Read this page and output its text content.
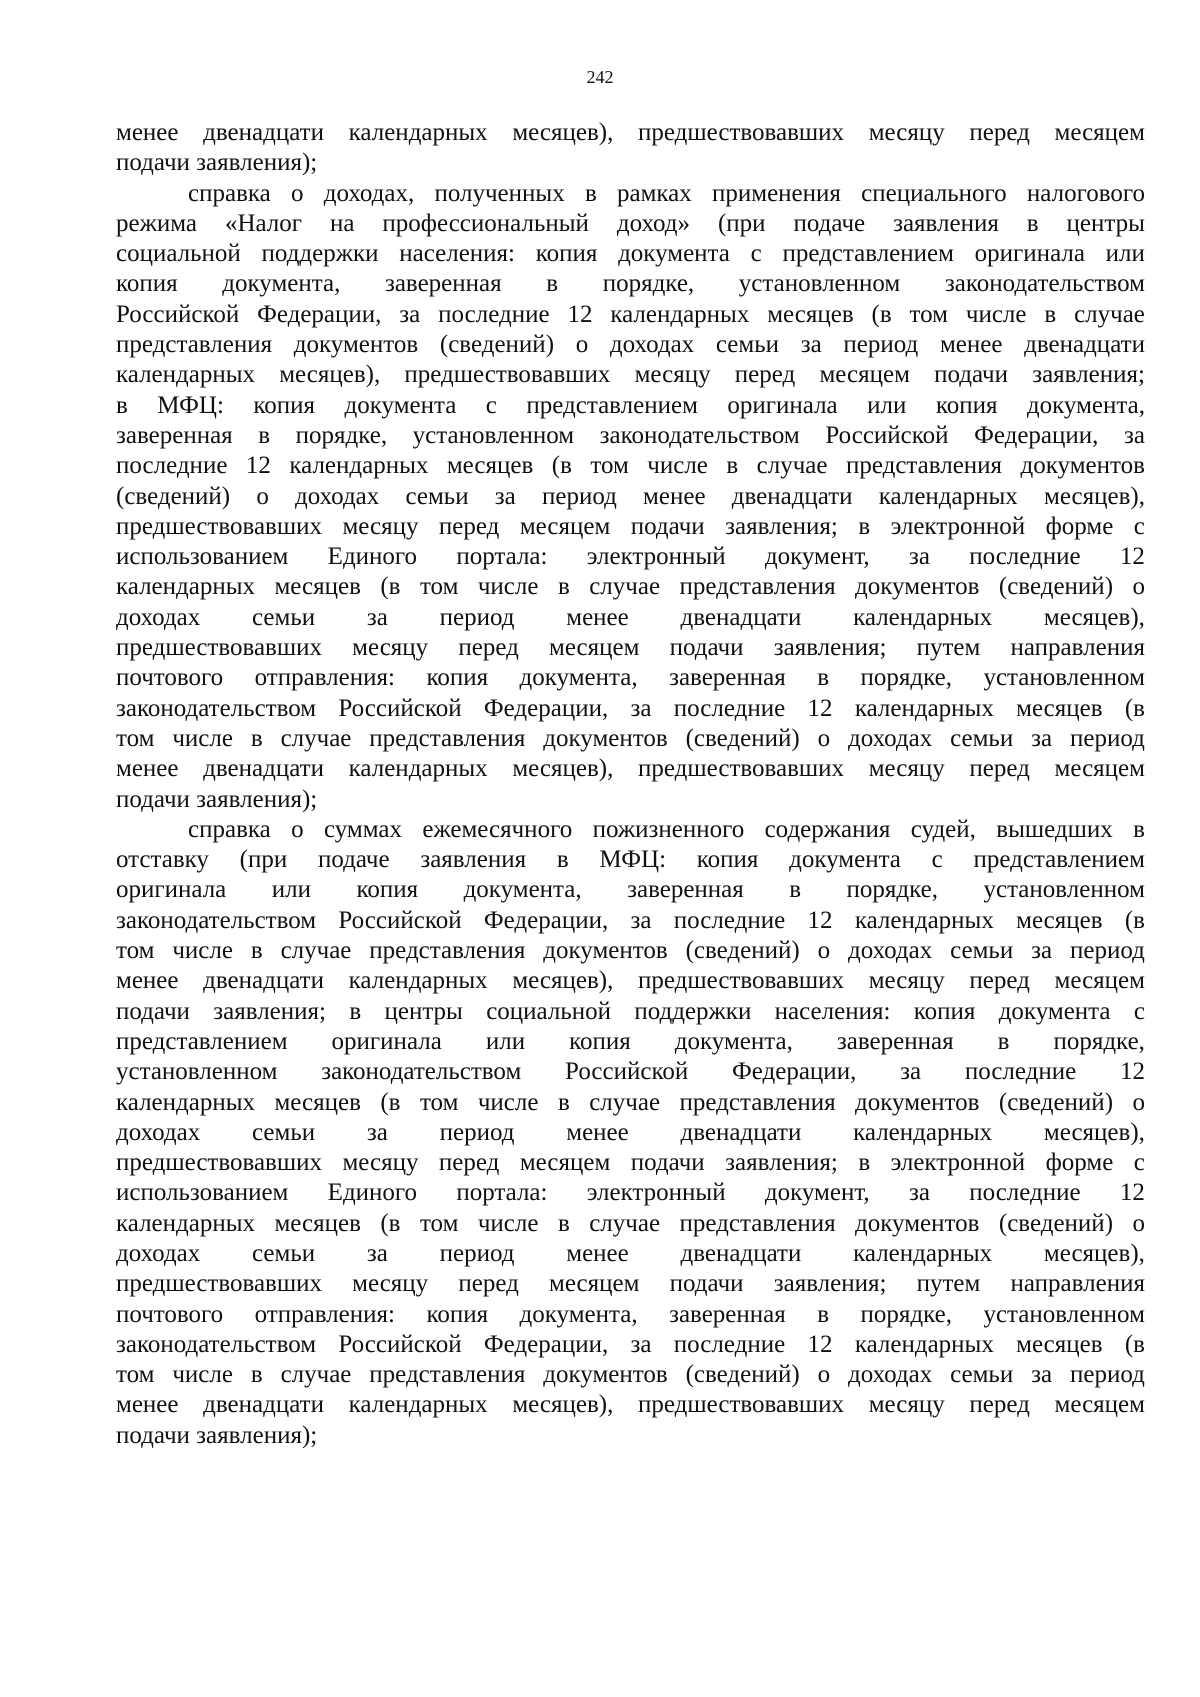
242
менее двенадцати календарных месяцев), предшествовавших месяцу перед месяцем
подачи заявления);
справка о доходах, полученных в рамках применения специального налогового
режима «Налог на профессиональный доход» (при подаче заявления в центры
социальной поддержки населения: копия документа с представлением оригинала или
копия документа, заверенная в порядке, установленном законодательством
Российской Федерации, за последние 12 календарных месяцев (в том числе в случае
представления документов (сведений) о доходах семьи за период менее двенадцати
календарных месяцев), предшествовавших месяцу перед месяцем подачи заявления;
в МФЦ: копия документа с представлением оригинала или копия документа,
заверенная в порядке, установленном законодательством Российской Федерации, за
последние 12 календарных месяцев (в том числе в случае представления документов
(сведений) о доходах семьи за период менее двенадцати календарных месяцев),
предшествовавших месяцу перед месяцем подачи заявления; в электронной форме с
использованием Единого портала: электронный документ, за последние 12
календарных месяцев (в том числе в случае представления документов (сведений) о
доходах семьи за период менее двенадцати календарных месяцев),
предшествовавших месяцу перед месяцем подачи заявления; путем направления
почтового отправления: копия документа, заверенная в порядке, установленном
законодательством Российской Федерации, за последние 12 календарных месяцев (в
том числе в случае представления документов (сведений) о доходах семьи за период
менее двенадцати календарных месяцев), предшествовавших месяцу перед месяцем
подачи заявления);
справка о суммах ежемесячного пожизненного содержания судей, вышедших в
отставку (при подаче заявления в МФЦ: копия документа с представлением
оригинала или копия документа, заверенная в порядке, установленном
законодательством Российской Федерации, за последние 12 календарных месяцев (в
том числе в случае представления документов (сведений) о доходах семьи за период
менее двенадцати календарных месяцев), предшествовавших месяцу перед месяцем
подачи заявления; в центры социальной поддержки населения: копия документа с
представлением оригинала или копия документа, заверенная в порядке,
установленном законодательством Российской Федерации, за последние 12
календарных месяцев (в том числе в случае представления документов (сведений) о
доходах семьи за период менее двенадцати календарных месяцев),
предшествовавших месяцу перед месяцем подачи заявления; в электронной форме с
использованием Единого портала: электронный документ, за последние 12
календарных месяцев (в том числе в случае представления документов (сведений) о
доходах семьи за период менее двенадцати календарных месяцев),
предшествовавших месяцу перед месяцем подачи заявления; путем направления
почтового отправления: копия документа, заверенная в порядке, установленном
законодательством Российской Федерации, за последние 12 календарных месяцев (в
том числе в случае представления документов (сведений) о доходах семьи за период
менее двенадцати календарных месяцев), предшествовавших месяцу перед месяцем
подачи заявления);
